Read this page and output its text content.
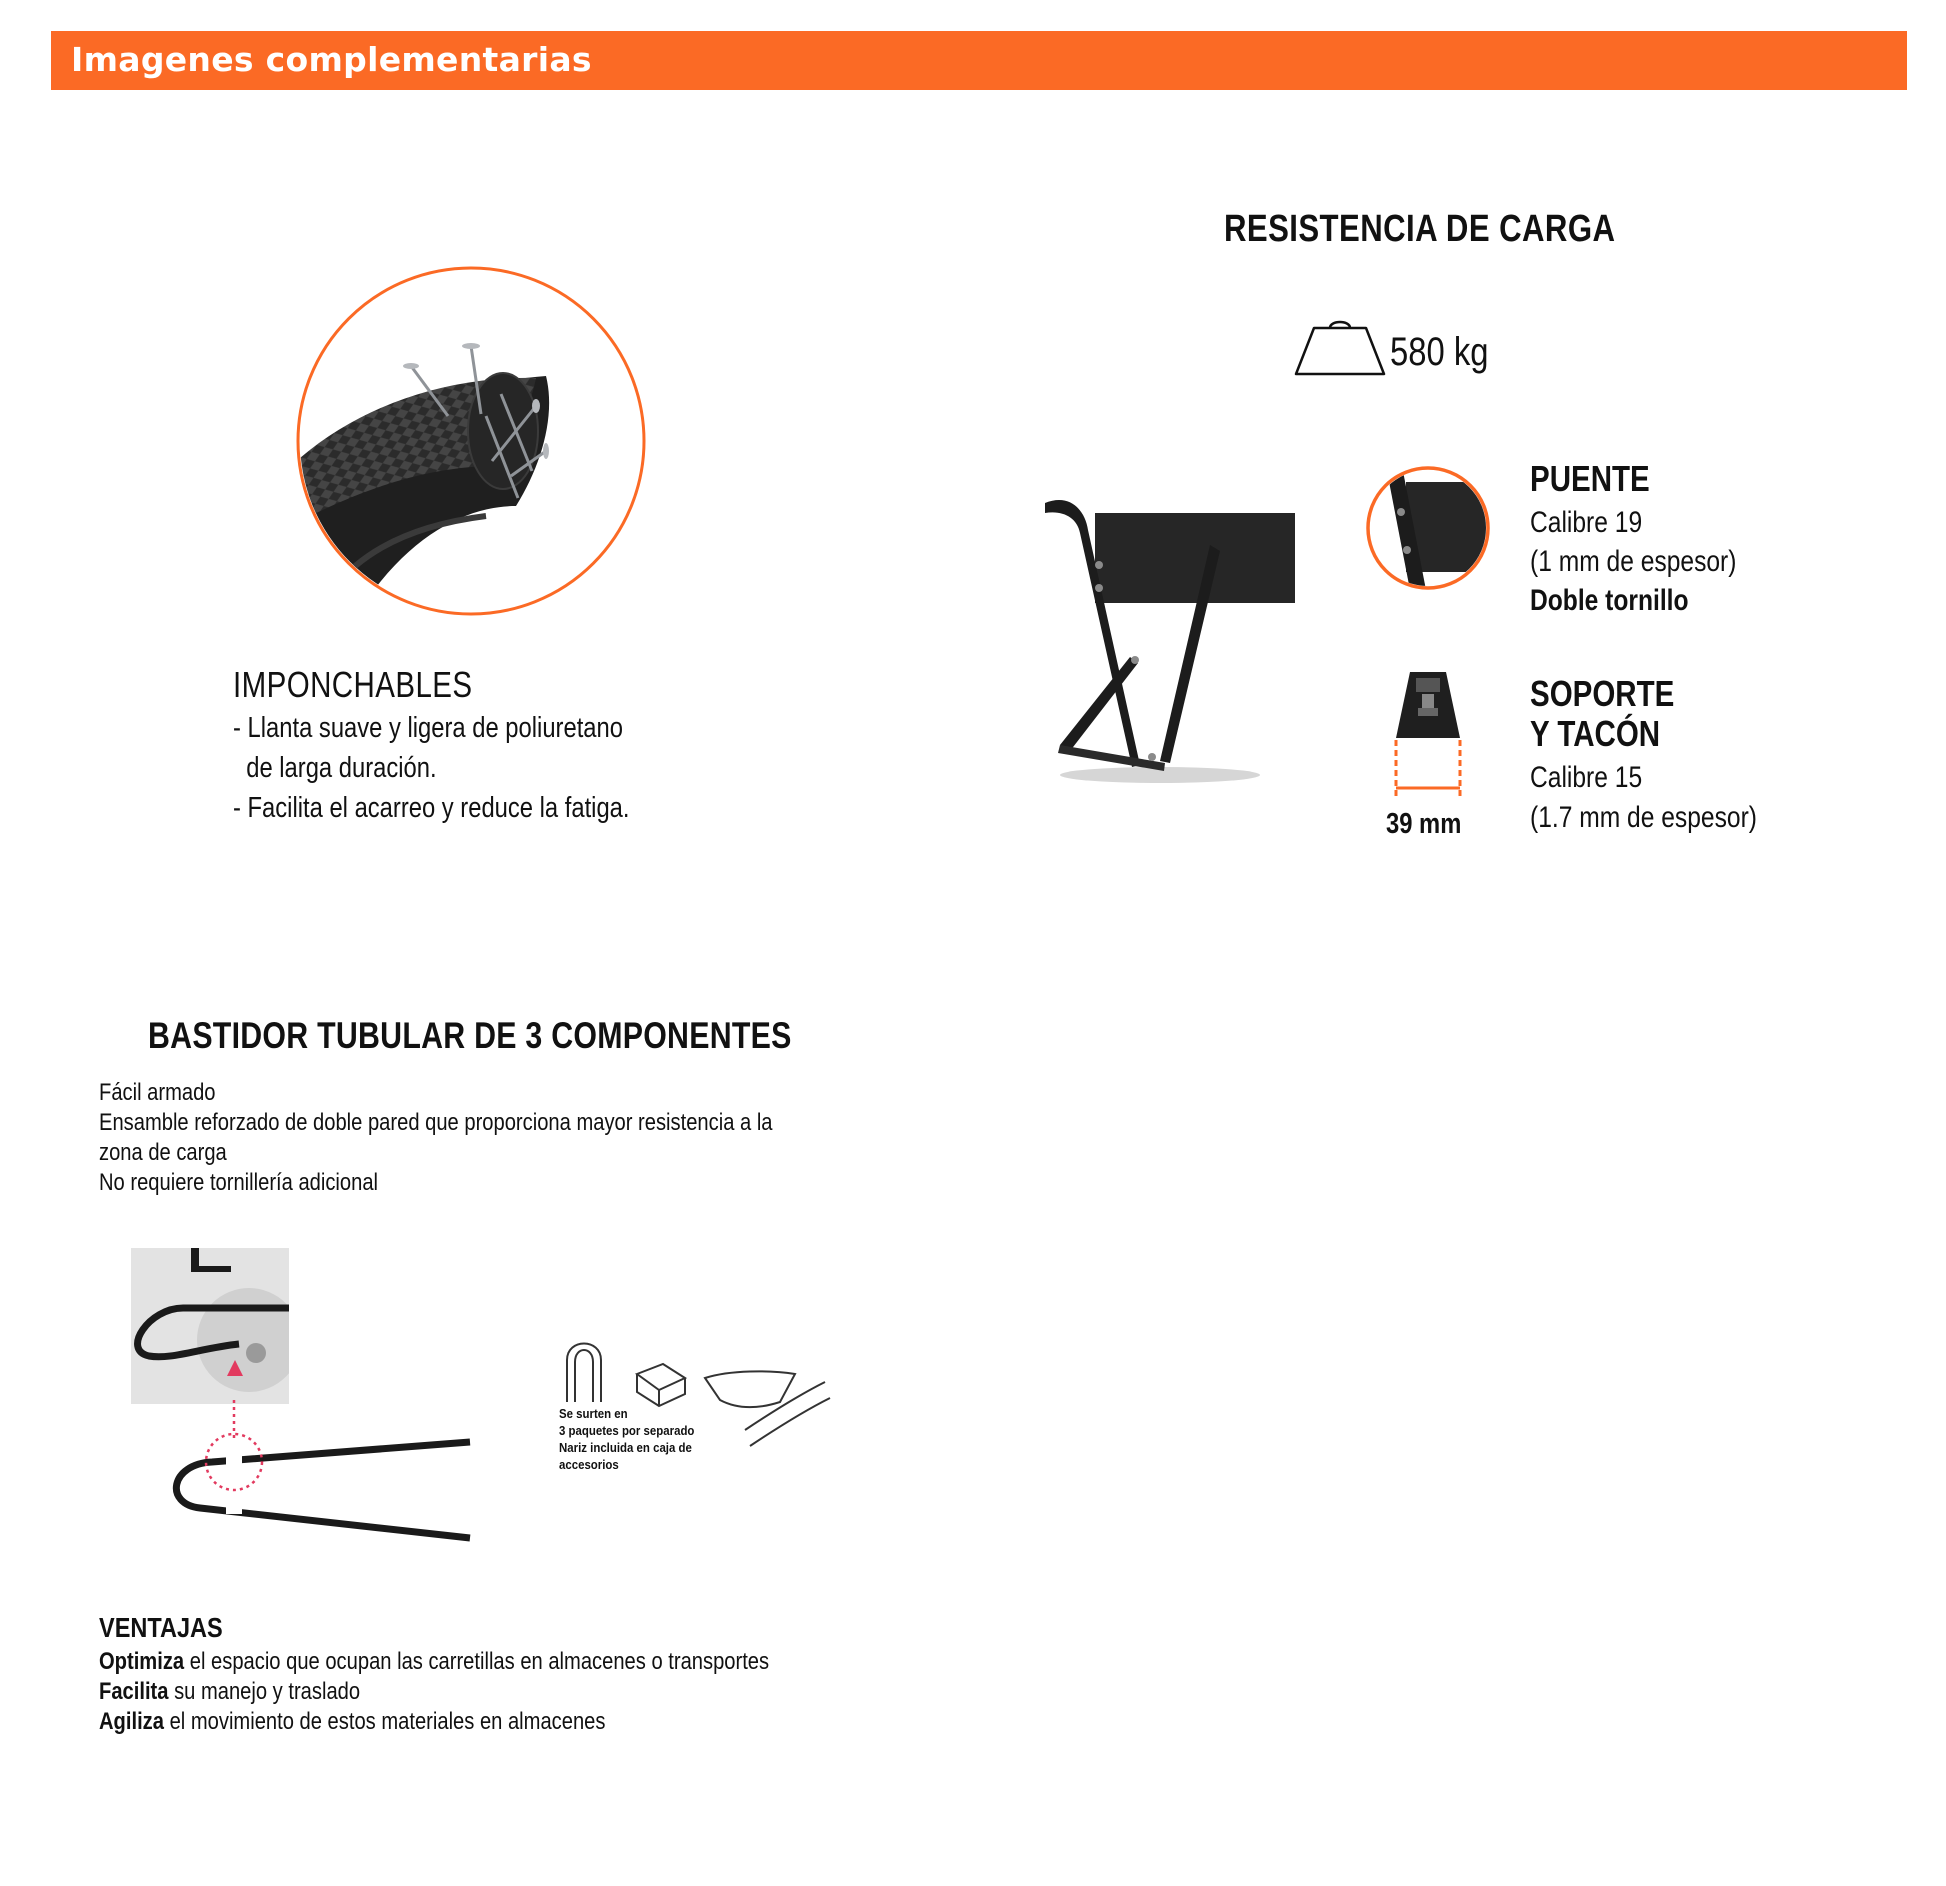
Imagenes complementarias
IMPONCHABLES
- Llanta suave y ligera de poliuretano
de larga duración.
- Facilita el acarreo y reduce la fatiga.
RESISTENCIA DE CARGA
580 kg
PUENTE
Calibre 19
(1 mm de espesor)
Doble tornillo
39 mm
SOPORTE
Y TACÓN
Calibre 15
(1.7 mm de espesor)
BASTIDOR TUBULAR DE 3 COMPONENTES
Fácil armado
Ensamble reforzado de doble pared que proporciona mayor resistencia a la
zona de carga
No requiere tornillería adicional
Se surten en
3 paquetes por separado
Nariz incluida en caja de
accesorios
VENTAJAS
Optimiza el espacio que ocupan las carretillas en almacenes o transportes
Facilita su manejo y traslado
Agiliza el movimiento de estos materiales en almacenes
